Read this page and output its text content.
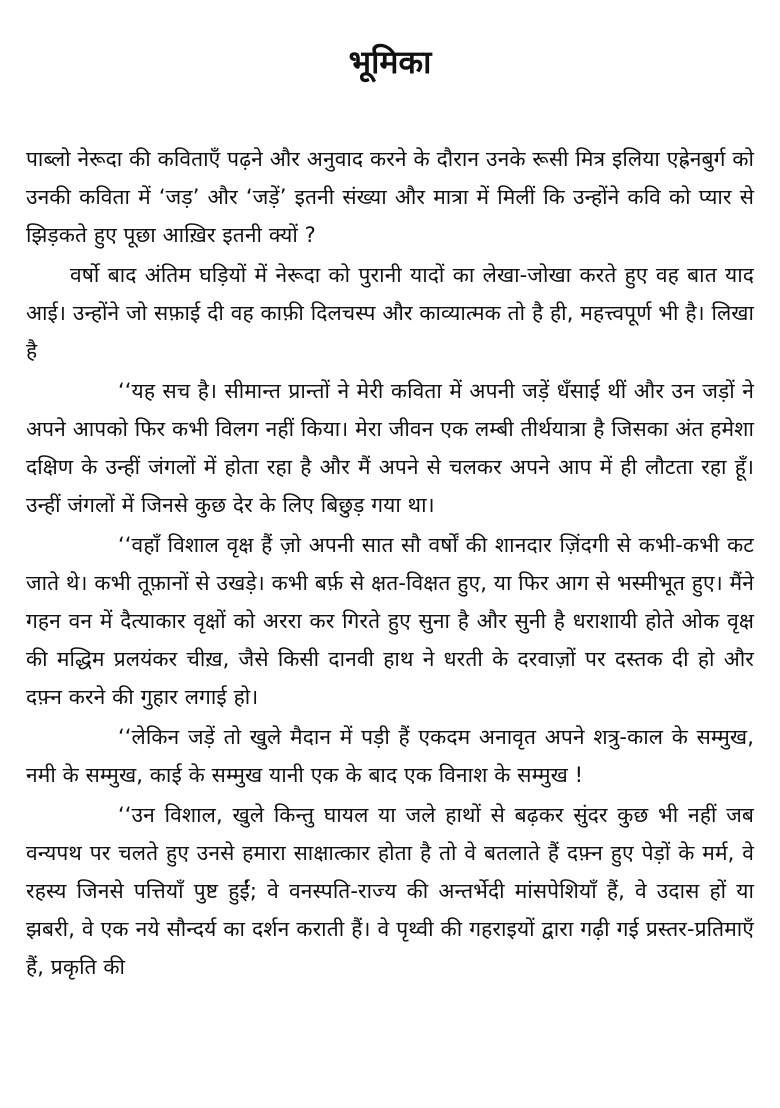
भूमिका

पाब्लो नेरूदा की कविताएँ पढ़ने और अनुवाद करने के दौरान उनके रूसी मित्र इलिया एह्रेनबुर्ग को उनकी कविता में ‘जड़’ और ‘जड़ें’ इतनी संख्या और मात्रा में मिलीं कि उन्होंने कवि को प्यार से झिड़कते हुए पूछा आख़िर इतनी क्यों ?

वर्षो बाद अंतिम घड़ियों में नेरूदा को पुरानी यादों का लेखा-जोखा करते हुए वह बात याद आई। उन्होंने जो सफ़ाई दी वह काफ़ी दिलचस्प और काव्यात्मक तो है ही, महत्त्वपूर्ण भी है। लिखा है

‘‘यह सच है। सीमान्त प्रान्तों ने मेरी कविता में अपनी जड़ें धँसाई थीं और उन जड़ों ने अपने आपको फिर कभी विलग नहीं किया। मेरा जीवन एक लम्बी तीर्थयात्रा है जिसका अंत हमेशा दक्षिण के उन्हीं जंगलों में होता रहा है और मैं अपने से चलकर अपने आप में ही लौटता रहा हूँ। उन्हीं जंगलों में जिनसे कुछ देर के लिए बिछुड़ गया था।

‘‘वहाँ विशाल वृक्ष हैं ज़ो अपनी सात सौ वर्षों की शानदार ज़िंदगी से कभी-कभी कट जाते थे। कभी तूफ़ानों से उखड़े। कभी बर्फ़ से क्षत-विक्षत हुए, या फिर आग से भस्मीभूत हुए। मैंने गहन वन में दैत्याकार वृक्षों को अररा कर गिरते हुए सुना है और सुनी है धराशायी होते ओक वृक्ष की मद्धिम प्रलयंकर चीख़, जैसे किसी दानवी हाथ ने धरती के दरवाज़ों पर दस्तक दी हो और दफ़्न करने की गुहार लगाई हो।

‘‘लेकिन जड़ें तो खुले मैदान में पड़ी हैं एकदम अनावृत अपने शत्रु-काल के सम्मुख, नमी के सम्मुख, काई के सम्मुख यानी एक के बाद एक विनाश के सम्मुख !

‘‘उन विशाल, खुले किन्तु घायल या जले हाथों से बढ़कर सुंदर कुछ भी नहीं जब वन्यपथ पर चलते हुए उनसे हमारा साक्षात्कार होता है तो वे बतलाते हैं दफ़्न हुए पेड़ों के मर्म, वे रहस्य जिनसे पत्तियाँ पुष्ट हुईं; वे वनस्पति-राज्य की अन्तर्भेदी मांसपेशियाँ हैं, वे उदास हों या झबरी, वे एक नये सौन्दर्य का दर्शन कराती हैं। वे पृथ्वी की गहराइयों द्वारा गढ़ी गई प्रस्तर-प्रतिमाएँ हैं, प्रकृति की
